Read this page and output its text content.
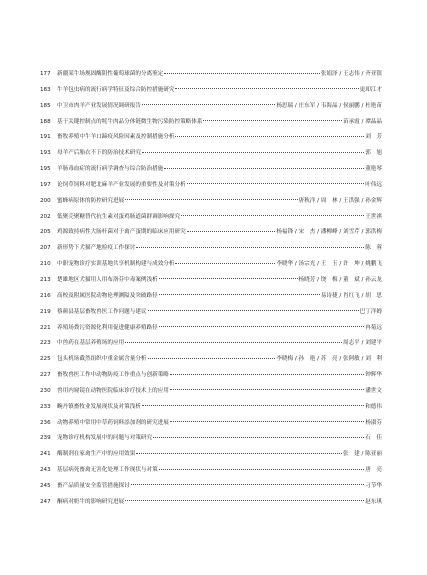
177	新疆某牛场规固酶阴性葡萄球菌的分离鉴定	张娟泽 / 王志伟 / 齐亚银
183	牛羊包虫病的流行病学特征及综合防控措施研究	更却江才
185	中卫市肉羊产业发展情况调研报告	杨思瑞 / 庄东军 / 韦海晶 / 侯丽鹏 / 杜艳苗
188	基于关键控制点的牦牛肉品分体链微生物污染防控策略体系	苗承霞 / 潭晶晶
191	畜牧养殖中牛羊口蹄疫风险因素及控制措施分析	刘　芳
193	母羊产后胎衣不下的防治技术研究	郭　旭
195	羊肠毒血症的流行病学调查与综合防治措施	董艳琴
197	论饲草饲料对肥北麻羊产业发展的重要性及对策分析	叶伟远
200	蜜蜂病原体的防控研究进展	唐秋洋 / 周　林 / 王洪强 / 孙金辉
202	低聚壳聚糖替代抗生素对蛋鸡肠道菌群调影响探究	王世祺
205	鸡源致持病性大肠杆菌对于禽产蛋期的临床应用研究	杨福锋 / 宋　杰 / 潘柳峰 / 刘雪芹 / 郭洪梅
207	新形势下犬猫产地检疫工作探讨	陈　蓉
210	中职宠物诊疗实训基地共享机制构建与成效分析	李晓华 / 汤宗光 / 王　玉 / 许　坤 / 姚鹏飞
213	楚雄地区犬猫用人用布洛芬中毒案例浅析	杨晓芳 / 饶　梅 / 董　斌 / 孙云龙
216	高校及附属医院动物伦理测隘及突破路径	易诗捷 / 肖红飞 / 胡　思
219	蔡颜县基层畜牧兽医工作问题与建议	巴丁洋姆
221	养殖场粪污资源化利用促进健康养殖路径	冉菊远
223	中兽药在基层养殖场的应用	周志平 / 刘建平
225	包头机场截然组织中重金属含量分析	李晓梅 / 孙　艳 / 苏　亮 / 张阿敏 / 刘　利
227	畜牧兽医工作中动物防疫工作重点与创新策略	钟辉华
230	兽用内窥镜在动物医院临床诊疗技术上的应用	潘世文
233	畹丹镇畜牧业发展现状及对策浅析	和德伟
236	动物养殖中常用中草药饲料添加剂的研究进展	杨淑芬
239	宠物诊疗机构发展中的问题与对策研究	石　佳
241	酶制剂在家禽生产中的应用效果	张　建 / 陈亚丽
243	基层病死畜禽无害化处理工作现状与对策	唐　亮
245	畜产品质量安全监管措施探讨	刁节华
247	酮病对奶牛的影响研究进展	赵东琪
